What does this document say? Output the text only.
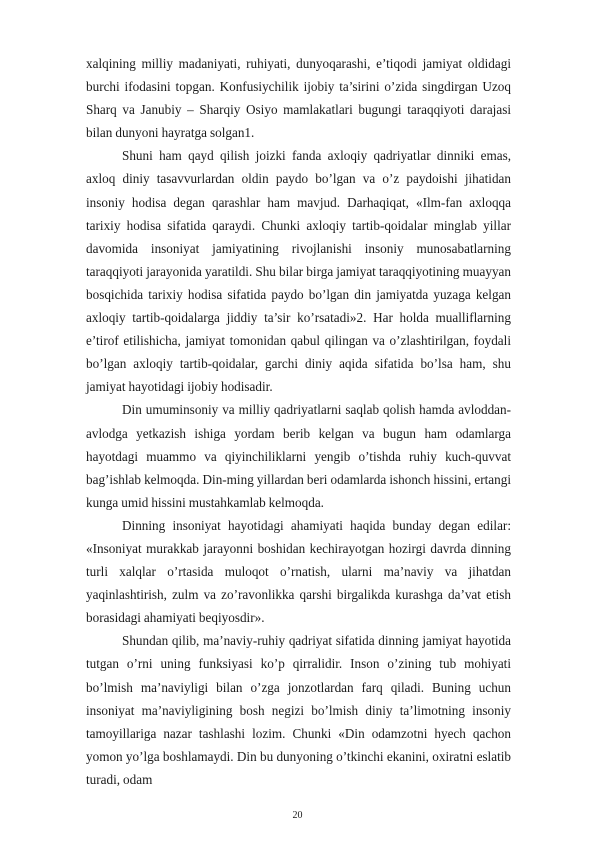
xalqining milliy madaniyati, ruhiyati, dunyoqarashi, e’tiqodi jamiyat oldidagi burchi ifodasini topgan. Konfusiychilik ijobiy ta’sirini o’zida singdirgan Uzoq Sharq va Janubiy – Sharqiy Osiyo mamlakatlari bugungi taraqqiyoti darajasi bilan dunyoni hayratga solgan1.

Shuni ham qayd qilish joizki fanda axloqiy qadriyatlar dinniki emas, axloq diniy tasavvurlardan oldin paydo bo’lgan va o’z paydoishi jihatidan insoniy hodisa degan qarashlar ham mavjud. Darhaqiqat, «Ilm-fan axloqqa tarixiy hodisa sifatida qaraydi. Chunki axloqiy tartib-qoidalar minglab yillar davomida insoniyat jamiyatining rivojlanishi insoniy munosabatlarning taraqqiyoti jarayonida yaratildi. Shu bilar birga jamiyat taraqqiyotining muayyan bosqichida tarixiy hodisa sifatida paydo bo’lgan din jamiyatda yuzaga kelgan axloqiy tartib-qoidalarga jiddiy ta’sir ko’rsatadi»2. Har holda mualliflarning e’tirof etilishicha, jamiyat tomonidan qabul qilingan va o’zlashtirilgan, foydali bo’lgan axloqiy tartib-qoidalar, garchi diniy aqida sifatida bo’lsa ham, shu jamiyat hayotidagi ijobiy hodisadir.

Din umuminsoniy va milliy qadriyatlarni saqlab qolish hamda avloddan-avlodga yetkazish ishiga yordam berib kelgan va bugun ham odamlarga hayotdagi muammo va qiyinchiliklarni yengib o’tishda ruhiy kuch-quvvat bag’ishlab kelmoqda. Din-ming yillardan beri odamlarda ishonch hissini, ertangi kunga umid hissini mustahkamlab kelmoqda.

Dinning insoniyat hayotidagi ahamiyati haqida bunday degan edilar: «Insoniyat murakkab jarayonni boshidan kechirayotgan hozirgi davrda dinning turli xalqlar o’rtasida muloqot o’rnatish, ularni ma’naviy va jihatdan yaqinlashtirish, zulm va zo’ravonlikka qarshi birgalikda kurashga da’vat etish borasidagi ahamiyati beqiyosdir».

Shundan qilib, ma’naviy-ruhiy qadriyat sifatida dinning jamiyat hayotida tutgan o’rni uning funksiyasi ko’p qirralidir. Inson o’zining tub mohiyati bo’lmish ma’naviyligi bilan o’zga jonzotlardan farq qiladi. Buning uchun insoniyat ma’naviyligining bosh negizi bo’lmish diniy ta’limotning insoniy tamoyillariga nazar tashlashi lozim. Chunki «Din odamzotni hyech qachon yomon yo’lga boshlamaydi. Din bu dunyoning o’tkinchi ekanini, oxiratni eslatib turadi, odam

20
